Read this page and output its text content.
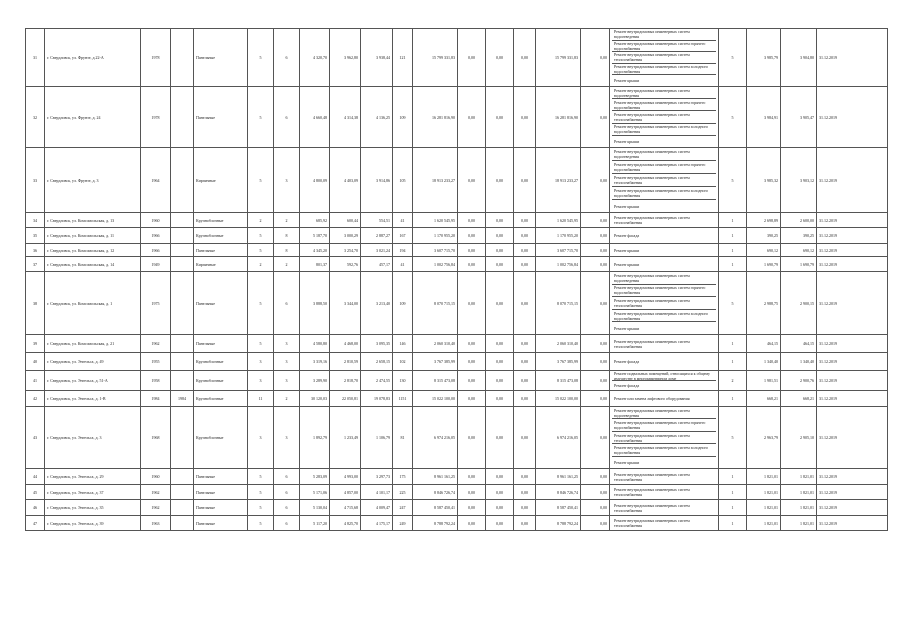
31	г. Свердловск, ул. Фрунзе, д.22-А	1978		Панельные	5	6	4 320,70	3 962,80	3 938,44	121	15 799 331,83	0,00	0,00	0,00	15 799 331,83	0,00	Ремонт внутридомовых инженерных систем водоотведения
Ремонт внутридомовых инженерных систем горячего водоснабжения
Ремонт внутридомовых инженерных систем теплоснабжения
Ремонт внутридомовых инженерных систем холодного водоснабжения
Ремонт крыши	5	3 985,79	3 904,80	31.12.2019
32	г. Свердловск, ул. Фрунзе, д. 24	1978		Панельные	5	6	4 660,48	4 314,38	4 136,25	109	16 281 816,90	0,00	0,00	0,00	16 281 816,90	0,00	Ремонт внутридомовых инженерных систем водоотведения
Ремонт внутридомовых инженерных систем горячего водоснабжения
Ремонт внутридомовых инженерных систем теплоснабжения
Ремонт внутридомовых инженерных систем холодного водоснабжения
Ремонт крыши	5	3 984,91	3 905,47	31.12.2019
33	г. Свердловск, ул. Фрунзе, д. 3	1964		Кирпичные	5	3	4 800,09	4 403,09	3 914,86	105	18 913 233,27	0,00	0,00	0,00	18 913 233,27	0,00	Ремонт внутридомовых инженерных систем водоотведения
Ремонт внутридомовых инженерных систем горячего водоснабжения
Ремонт внутридомовых инженерных систем теплоснабжения
Ремонт внутридомовых инженерных систем холодного водоснабжения
Ремонт крыши	5	3 985,32	3 903,12	31.12.2019
34	г. Свердловск, ул. Комсомольская, д. 13	1960		Крупноблочные	2	2	685,92	600,44	554,51	41	1 620 545,95	0,00	0,00	0,00	1 620 545,95	0,00	Ремонт внутридомовых инженерных систем теплоснабжения	1	2 698,89	2 600,00	31.12.2019
35	г. Свердловск, ул. Комсомольская, д. 11	1966		Крупноблочные	5	8	5 187,70	3 000,29	2 887,27	167	1 170 955,20	0,00	0,00	0,00	1 170 955,20	0,00	Ремонт фасада	1	390,25	390,25	31.12.2019
36	г. Свердловск, ул. Комсомольская, д. 12	1966		Панельные	5	8	4 345,20	3 254,70	3 021,24	194	3 607 715,70	0,00	0,00	0,00	3 607 715,70	0,00	Ремонт крыши	1	690,12	690,12	31.12.2019
37	г. Свердловск, ул. Комсомольская, д. 14	1949		Кирпичные	2	2	801,37	592,76	457,17	41	1 002 756,84	0,00	0,00	0,00	1 002 756,84	0,00	Ремонт крыши	1	1 690,79	1 690,79	31.12.2019
38	г. Свердловск, ул. Комсомольская, д. 1	1975		Панельные	5	6	3 888,50	3 344,00	3 213,40	109	8 070 715,15	0,00	0,00	0,00	8 070 715,15	0,00	Ремонт внутридомовых инженерных систем водоотведения
Ремонт внутридомовых инженерных систем горячего водоснабжения
Ремонт внутридомовых инженерных систем теплоснабжения
Ремонт внутридомовых инженерных систем холодного водоснабжения
Ремонт крыши	5	2 988,75	2 900,15	31.12.2019
39	г. Свердловск, ул. Комсомольская, д. 21	1962		Панельные	5	3	4 580,80	4 468,00	3 095,35	146	2 060 310,40	0,00	0,00	0,00	2 060 310,40	0,00	Ремонт внутридомовых инженерных систем теплоснабжения	1	464,15	464,15	31.12.2019
40	г. Свердловск, ул. Энгельса, д. 49	1955		Крупноблочные	3	3	3 319,16	2 810,59	2 658,15	102	3 767 385,99	0,00	0,00	0,00	3 767 385,99	0,00	Ремонт фасада	1	1 340,40	1 340,40	31.12.2019
41	г. Свердловск, ул. Энгельса, д. 51-А	1958		Крупноблочные	3	3	3 289,90	2 818,70	2 474,55	130	8 315 473,08	0,00	0,00	0,00	8 315 473,08	0,00	Ремонт подвальных помещений, относящихся к общему имуществу в многоквартирном доме
Ремонт фасада	2	1 981,51	2 900,76	31.12.2019
42	г. Свердловск, ул. Энгельса, д. 1-В	1984	1984	Крупноблочные	11	2	30 120,03	22 050,81	19 078,83	1151	15 022 100,00	0,00	0,00	0,00	15 022 100,00	0,00	Ремонт или замена лифтового оборудования	1	668,21	668,21	31.12.2019
43	г. Свердловск, ул. Энгельса, д. 3	1968		Крупноблочные	3	3	1 892,79	1 233,49	1 106,79	81	6 974 216,05	0,00	0,00	0,00	6 974 216,05	0,00	Ремонт внутридомовых инженерных систем водоотведения
Ремонт внутридомовых инженерных систем горячего водоснабжения
Ремонт внутридомовых инженерных систем теплоснабжения
Ремонт внутридомовых инженерных систем холодного водоснабжения
Ремонт крыши	5	2 963,79	2 905,10	31.12.2019
44	г. Свердловск, ул. Энгельса, д. 29	1960		Панельные	5	6	5 283,09	4 993,00	3 297,73	175	8 961 161,25	0,00	0,00	0,00	8 961 161,25	0,00	Ремонт внутридомовых инженерных систем теплоснабжения	1	1 821,01	1 821,01	31.12.2019
45	г. Свердловск, ул. Энгельса, д. 37	1962		Панельные	5	6	5 171,06	4 857,00	4 101,17	225	8 846 726,74	0,00	0,00	0,00	8 846 726,74	0,00	Ремонт внутридомовых инженерных систем теплоснабжения	1	1 821,01	1 821,01	31.12.2019
46	г. Свердловск, ул. Энгельса, д. 35	1962		Панельные	5	6	5 130,04	4 715,68	4 009,47	247	8 587 450,41	0,00	0,00	0,00	8 587 450,41	0,00	Ремонт внутридомовых инженерных систем теплоснабжения	1	1 821,01	1 821,01	31.12.2019
47	г. Свердловск, ул. Энгельса, д. 39	1963		Панельные	5	6	5 117,20	4 825,70	4 175,17	249	8 788 792,24	0,00	0,00	0,00	8 788 792,24	0,00	Ремонт внутридомовых инженерных систем теплоснабжения	1	1 821,01	1 821,01	31.12.2019
